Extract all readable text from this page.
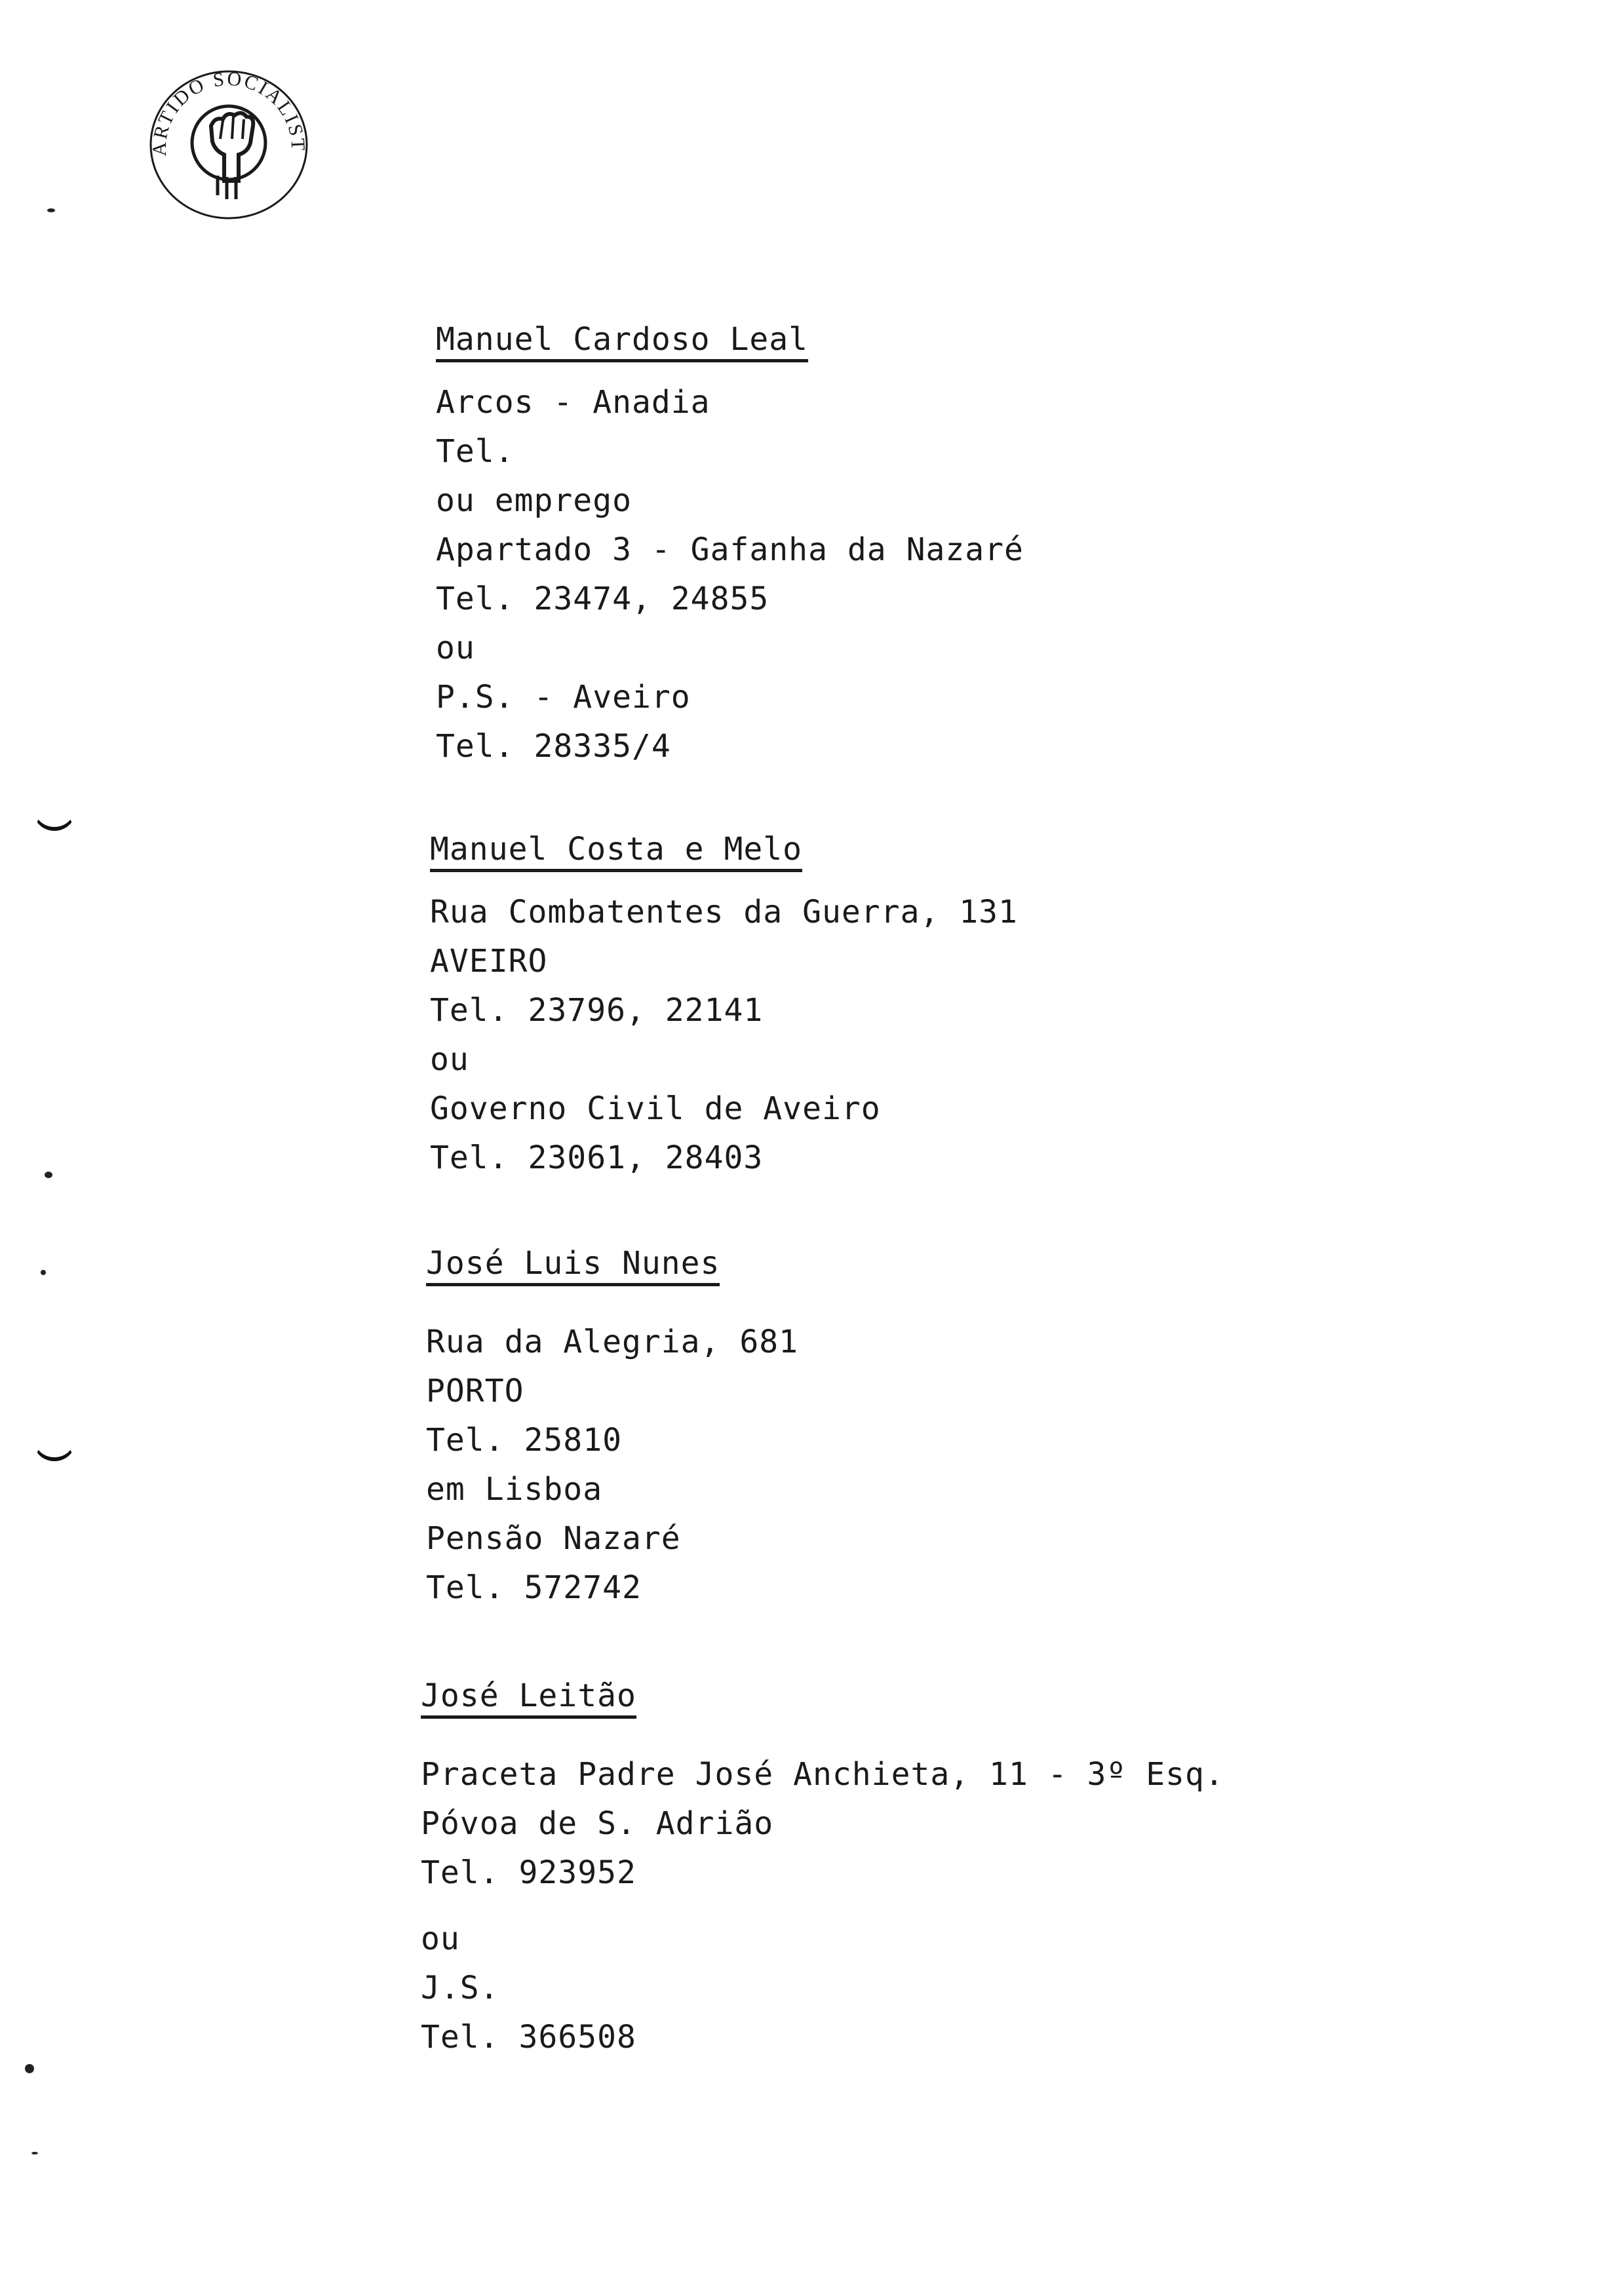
ARTIDO SOCIALIST
Manuel Cardoso Leal
Arcos - Anadia
Tel.
ou emprego
Apartado 3 - Gafanha da Nazaré
Tel. 23474, 24855
ou
P.S. - Aveiro
Tel. 28335/4
Manuel Costa e Melo
Rua Combatentes da Guerra, 131
AVEIRO
Tel. 23796, 22141
ou
Governo Civil de Aveiro
Tel. 23061, 28403
José Luis Nunes
Rua da Alegria, 681
PORTO
Tel. 25810
em Lisboa
Pensão Nazaré
Tel. 572742
José Leitão
Praceta Padre José Anchieta, 11 - 3º Esq.
Póvoa de S. Adrião
Tel. 923952
ou
J.S.
Tel. 366508
